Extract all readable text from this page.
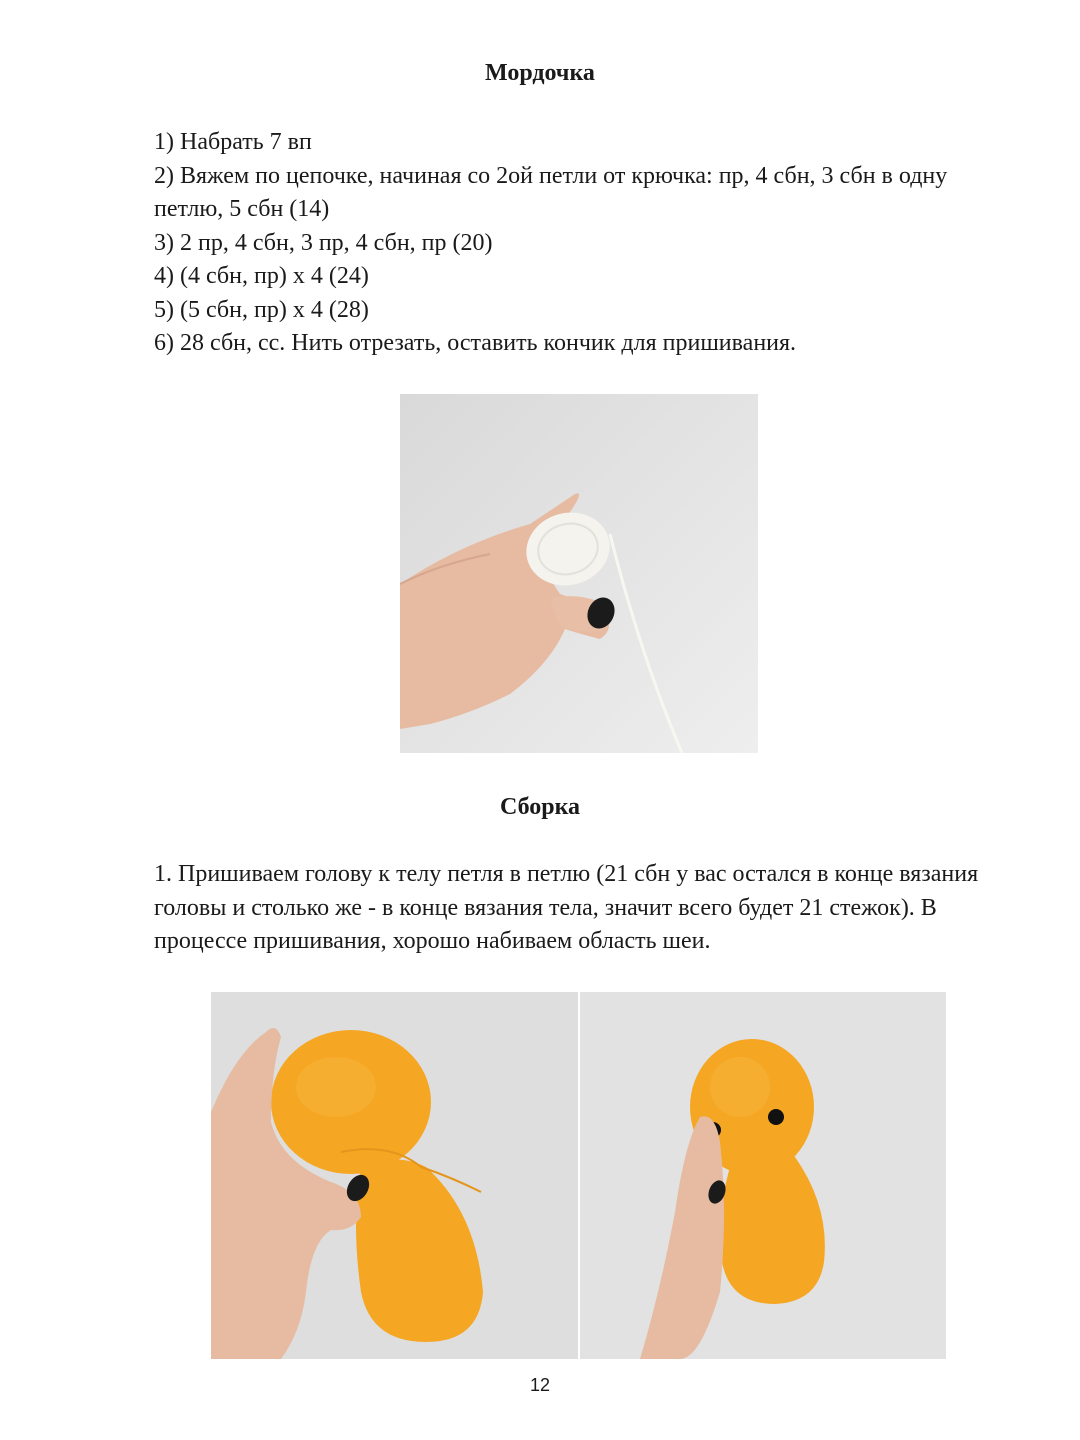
Мордочка
1) Набрать 7 вп
2) Вяжем по цепочке, начиная со 2ой петли от крючка: пр, 4 сбн, 3 сбн в одну петлю, 5 сбн (14)
3) 2 пр, 4 сбн, 3 пр, 4 сбн, пр (20)
4) (4 сбн, пр) х 4 (24)
5) (5 сбн, пр) х 4 (28)
6) 28 сбн, сс. Нить отрезать, оставить кончик для пришивания.
Сборка
1. Пришиваем голову к телу петля в петлю (21 сбн у вас остался в конце вязания головы и столько же - в конце вязания тела, значит всего будет 21 стежок). В процессе пришивания, хорошо набиваем область шеи.
12
